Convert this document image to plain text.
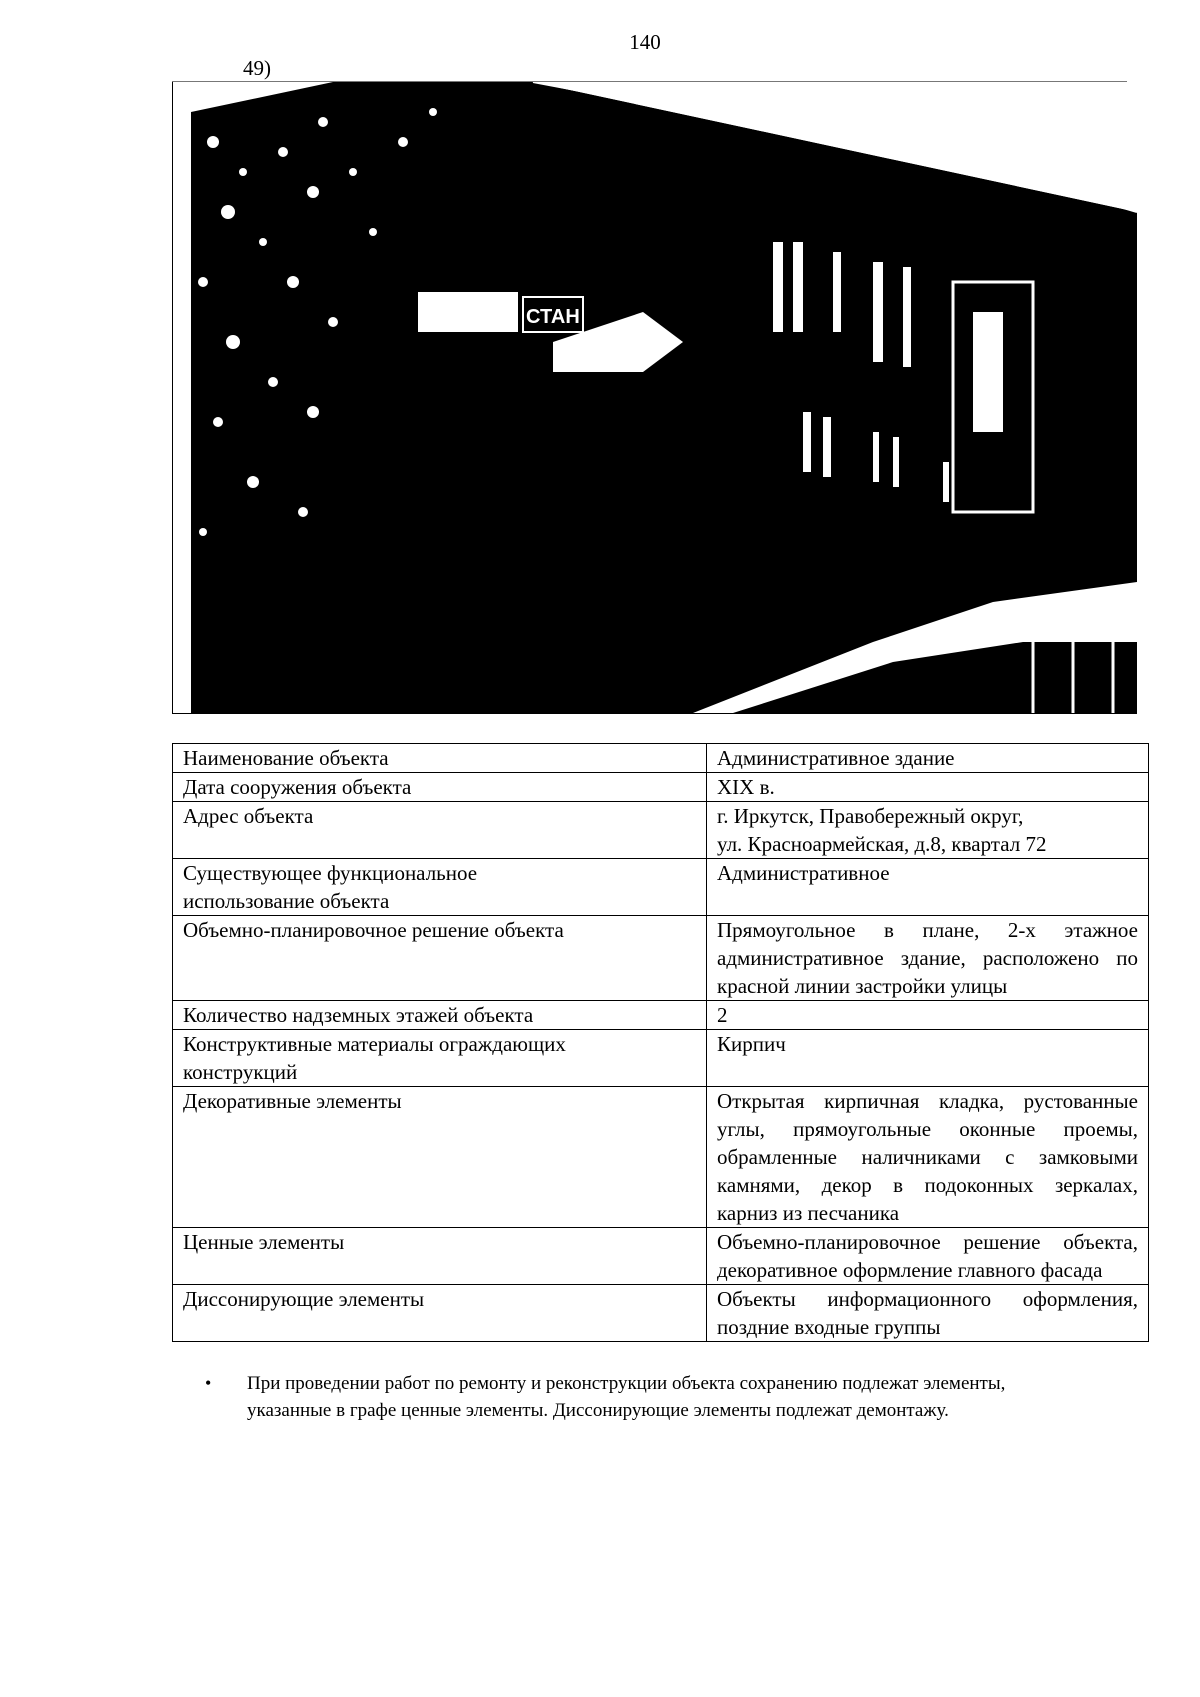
140
49)
СТАН
Наименование объекта	Административное здание
Дата сооружения объекта	XIX в.
Адрес объекта	г. Иркутск, Правобережный округ,
ул. Красноармейская, д.8, квартал 72
Существующее функциональное использование объекта	Административное
Объемно-планировочное решение объекта	Прямоугольное в плане, 2-х этажное административное здание, расположено по красной линии застройки улицы
Количество надземных этажей объекта	2
Конструктивные материалы ограждающих конструкций	Кирпич
Декоративные элементы	Открытая кирпичная кладка, рустованные углы, прямоугольные оконные проемы, обрамленные наличниками с замковыми камнями, декор в подоконных зеркалах, карниз из песчаника
Ценные элементы	Объемно-планировочное решение объекта, декоративное оформление главного фасада
Диссонирующие элементы	Объекты информационного оформления, поздние входные группы
• При проведении работ по ремонту и реконструкции объекта сохранению подлежат элементы, указанные в графе ценные элементы. Диссонирующие элементы подлежат демонтажу.
